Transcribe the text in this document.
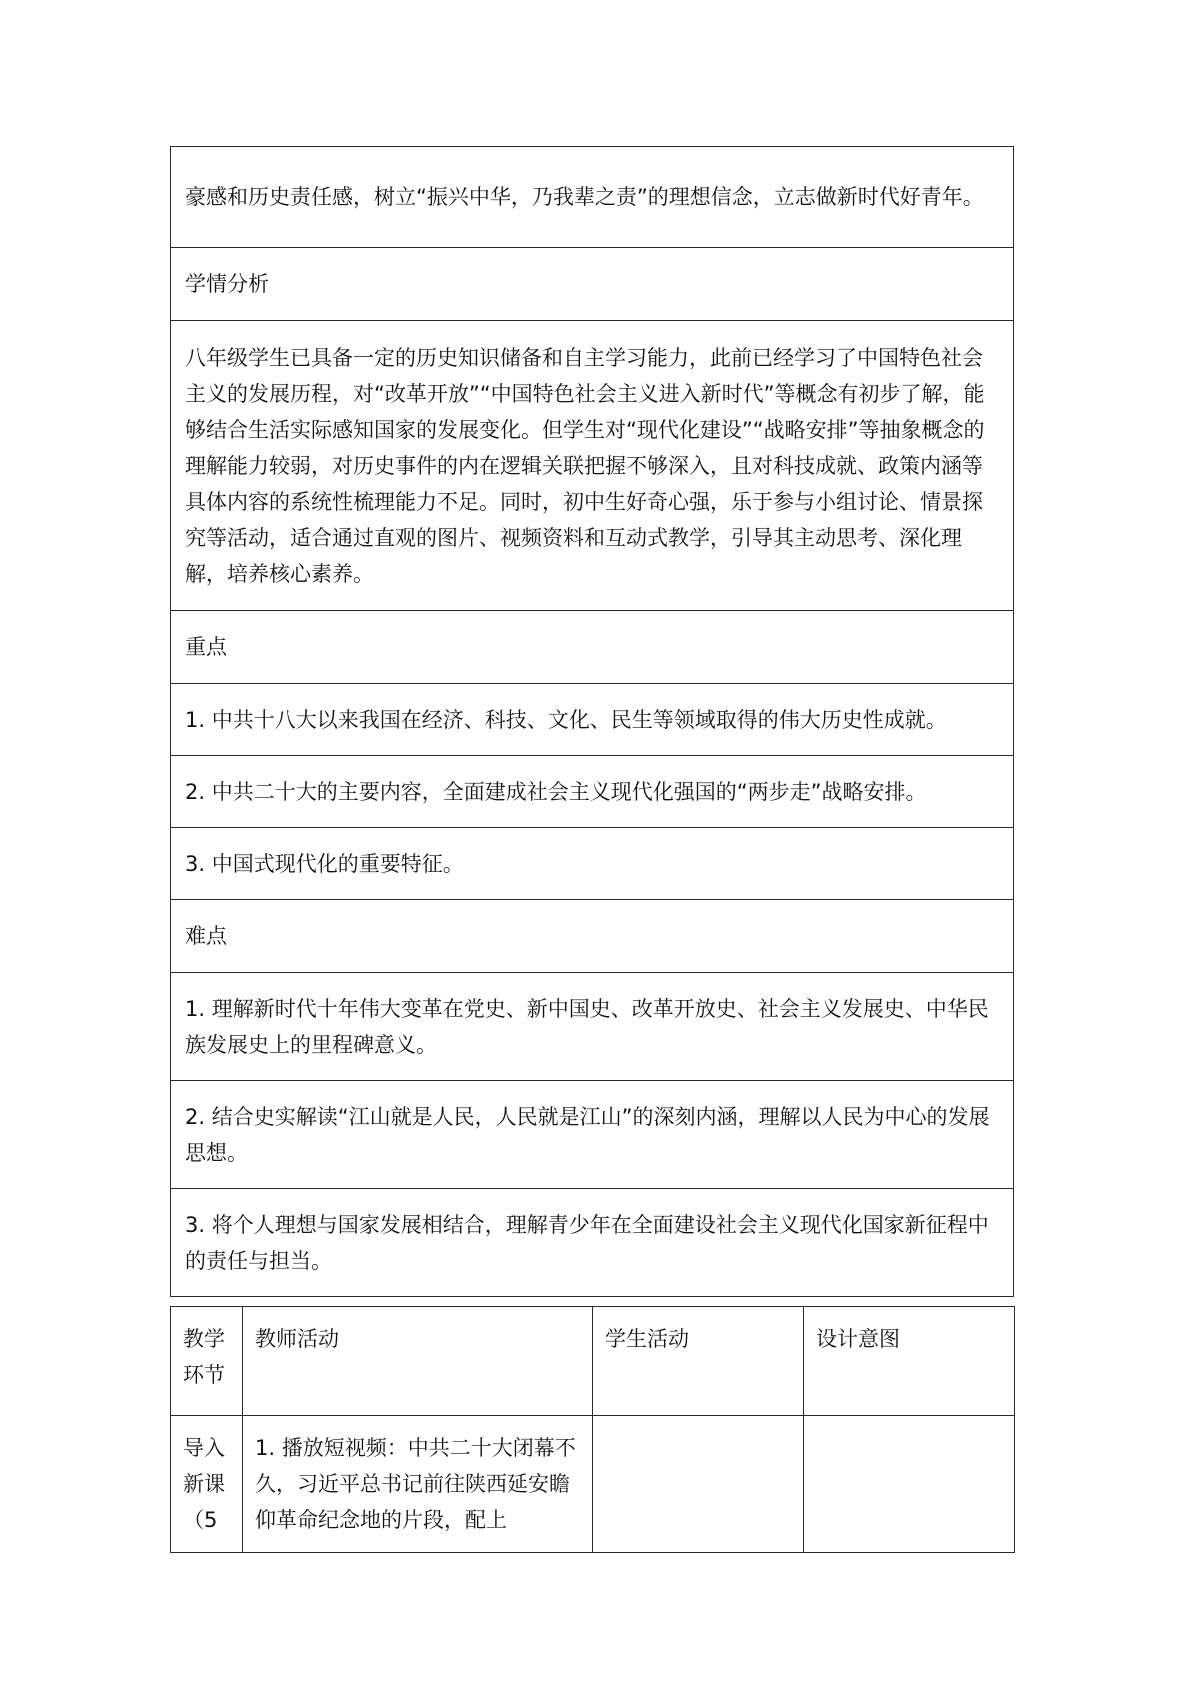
豪感和历史责任感，树立“振兴中华，乃我辈之责”的理想信念，立志做新时代好青年。

学情分析

八年级学生已具备一定的历史知识储备和自主学习能力，此前已经学习了中国特色社会主义的发展历程，对“改革开放”“中国特色社会主义进入新时代”等概念有初步了解，能够结合生活实际感知国家的发展变化。但学生对“现代化建设”“战略安排”等抽象概念的理解能力较弱，对历史事件的内在逻辑关联把握不够深入，且对科技成就、政策内涵等具体内容的系统性梳理能力不足。同时，初中生好奇心强，乐于参与小组讨论、情景探究等活动，适合通过直观的图片、视频资料和互动式教学，引导其主动思考、深化理解，培养核心素养。

重点

1. 中共十八大以来我国在经济、科技、文化、民生等领域取得的伟大历史性成就。

2. 中共二十大的主要内容，全面建成社会主义现代化强国的“两步走”战略安排。

3. 中国式现代化的重要特征。

难点

1. 理解新时代十年伟大变革在党史、新中国史、改革开放史、社会主义发展史、中华民族发展史上的里程碑意义。

2. 结合史实解读“江山就是人民，人民就是江山”的深刻内涵，理解以人民为中心的发展思想。

3. 将个人理想与国家发展相结合，理解青少年在全面建设社会主义现代化国家新征程中的责任与担当。

教学环节	教师活动	学生活动	设计意图
导入新课（5	1. 播放短视频：中共二十大闭幕不久，习近平总书记前往陕西延安瞻仰革命纪念地的片段，配上		
